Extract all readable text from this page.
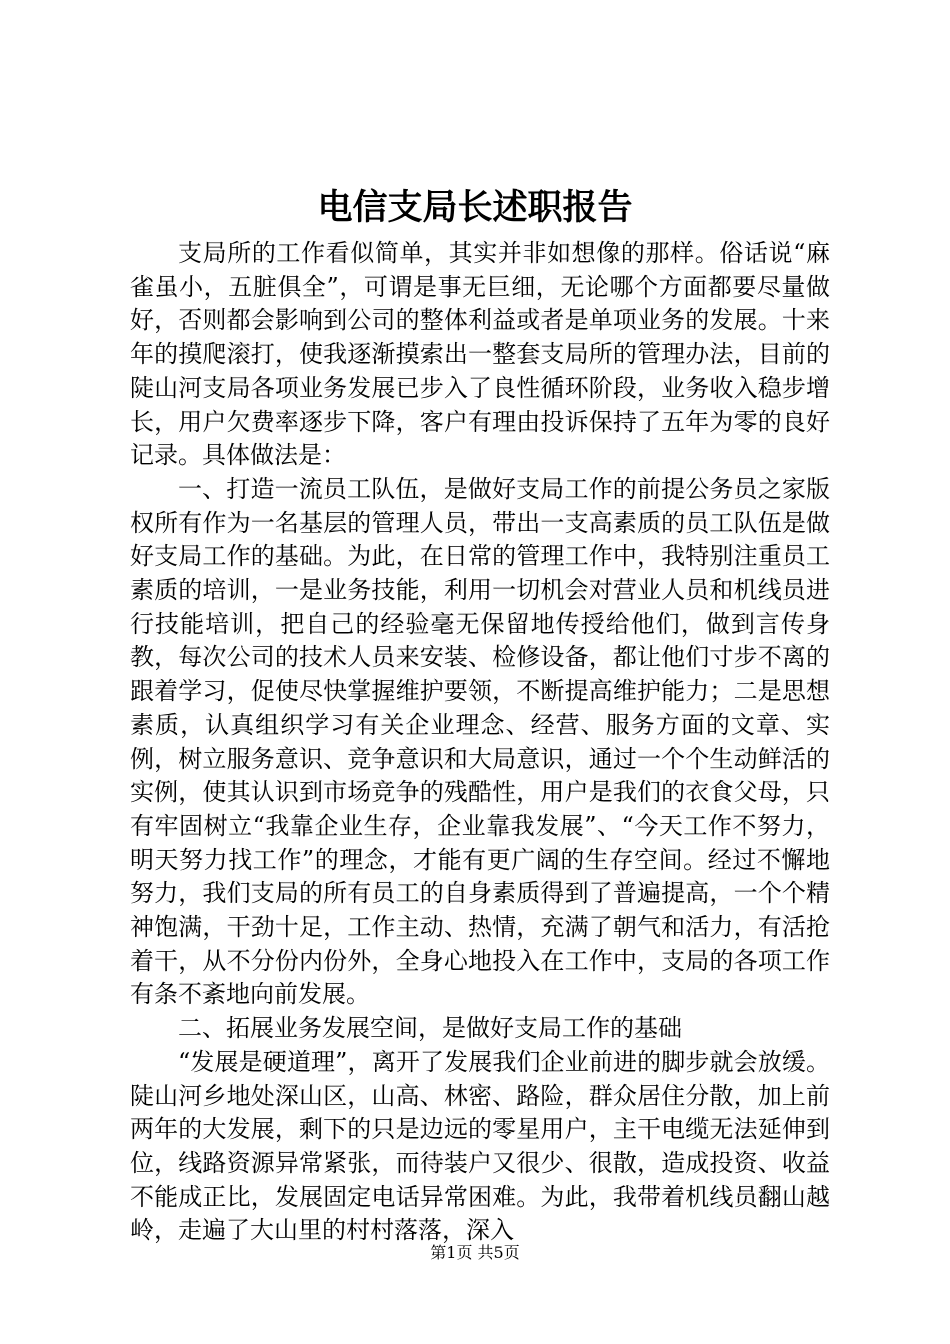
电信支局长述职报告

支局所的工作看似简单，其实并非如想像的那样。俗话说“麻雀虽小，五脏俱全”，可谓是事无巨细，无论哪个方面都要尽量做好，否则都会影响到公司的整体利益或者是单项业务的发展。十来年的摸爬滚打，使我逐渐摸索出一整套支局所的管理办法，目前的陡山河支局各项业务发展已步入了良性循环阶段，业务收入稳步增长，用户欠费率逐步下降，客户有理由投诉保持了五年为零的良好记录。具体做法是：

一、打造一流员工队伍，是做好支局工作的前提公务员之家版权所有作为一名基层的管理人员，带出一支高素质的员工队伍是做好支局工作的基础。为此，在日常的管理工作中，我特别注重员工素质的培训，一是业务技能，利用一切机会对营业人员和机线员进行技能培训，把自己的经验毫无保留地传授给他们，做到言传身教，每次公司的技术人员来安装、检修设备，都让他们寸步不离的跟着学习，促使尽快掌握维护要领，不断提高维护能力；二是思想素质，认真组织学习有关企业理念、经营、服务方面的文章、实例，树立服务意识、竞争意识和大局意识，通过一个个生动鲜活的实例，使其认识到市场竞争的残酷性，用户是我们的衣食父母，只有牢固树立“我靠企业生存，企业靠我发展”、“今天工作不努力，明天努力找工作”的理念，才能有更广阔的生存空间。经过不懈地努力，我们支局的所有员工的自身素质得到了普遍提高，一个个精神饱满，干劲十足，工作主动、热情，充满了朝气和活力，有活抢着干，从不分份内份外，全身心地投入在工作中，支局的各项工作有条不紊地向前发展。

二、拓展业务发展空间，是做好支局工作的基础

“发展是硬道理”，离开了发展我们企业前进的脚步就会放缓。陡山河乡地处深山区，山高、林密、路险，群众居住分散，加上前两年的大发展，剩下的只是边远的零星用户，主干电缆无法延伸到位，线路资源异常紧张，而待装户又很少、很散，造成投资、收益不能成正比，发展固定电话异常困难。为此，我带着机线员翻山越岭，走遍了大山里的村村落落，深入

第1页 共5页
